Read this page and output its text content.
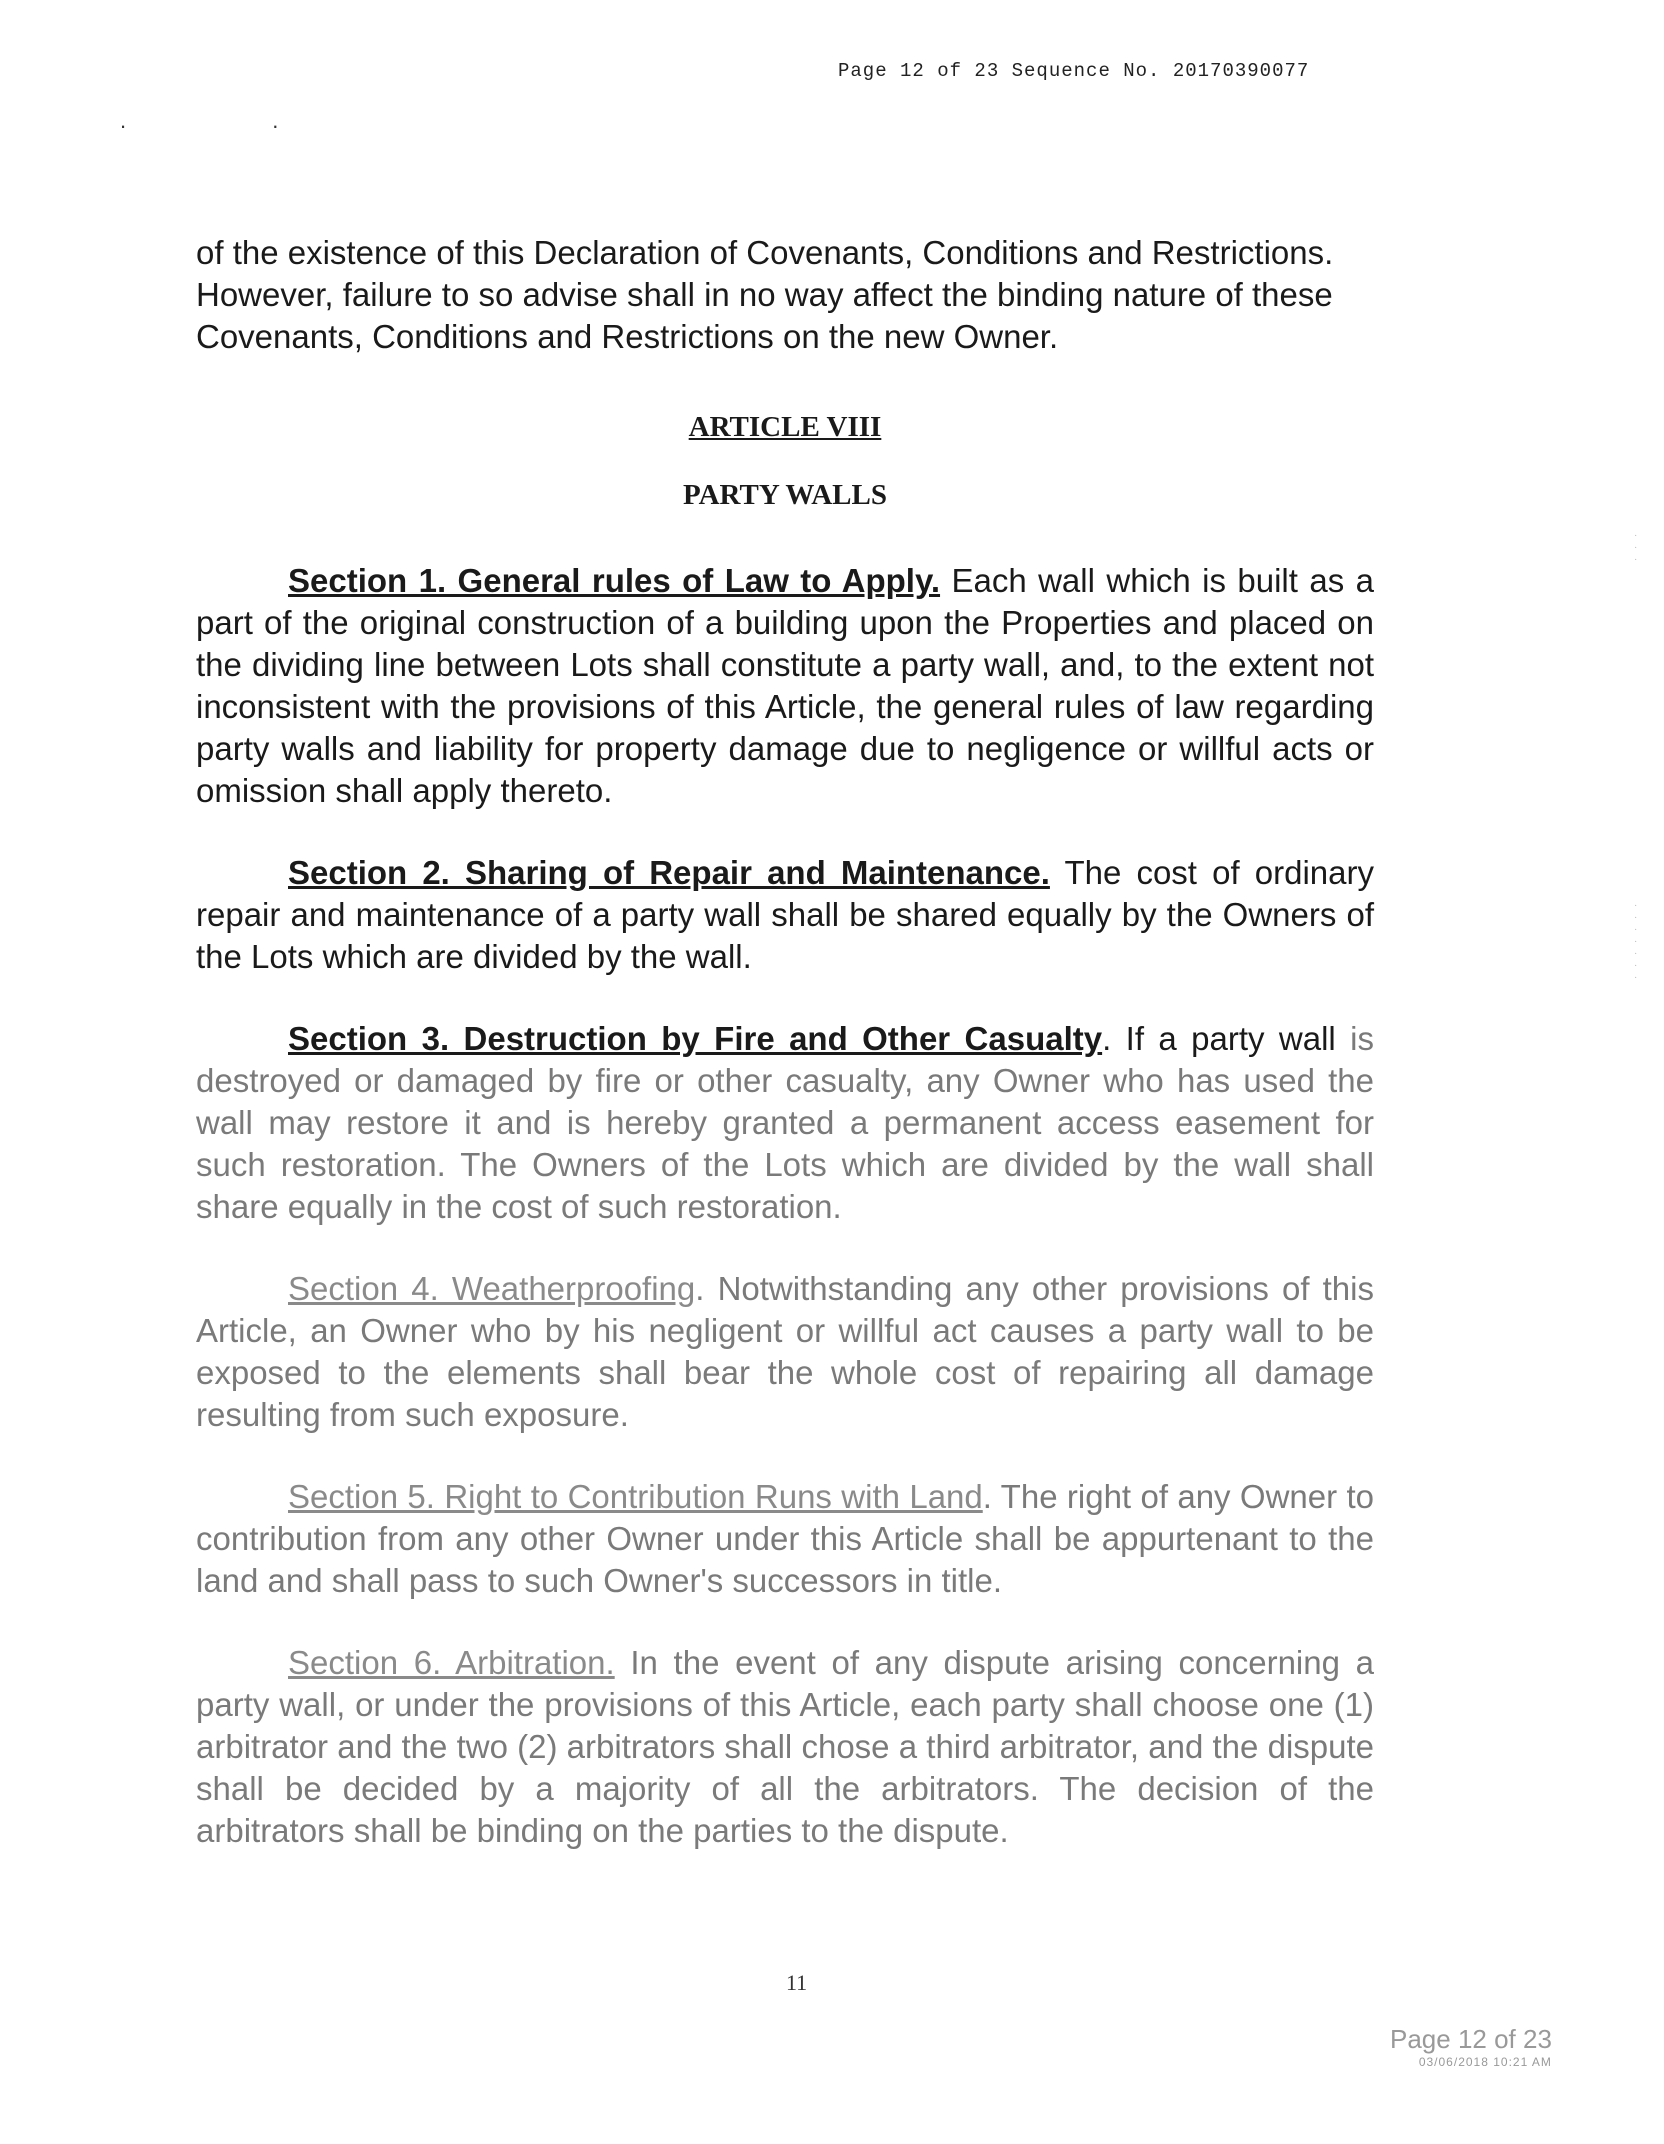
Page 12 of 23 Sequence No. 20170390077
. .
·
·
·
·
·
·
·
·
·
·

of the existence of this Declaration of Covenants, Conditions and Restrictions. However, failure to so advise shall in no way affect the binding nature of these Covenants, Conditions and Restrictions on the new Owner.

ARTICLE VIII
PARTY WALLS

Section 1. General rules of Law to Apply. Each wall which is built as a part of the original construction of a building upon the Properties and placed on the dividing line between Lots shall constitute a party wall, and, to the extent not inconsistent with the provisions of this Article, the general rules of law regarding party walls and liability for property damage due to negligence or willful acts or omission shall apply thereto.

Section 2. Sharing of Repair and Maintenance. The cost of ordinary repair and maintenance of a party wall shall be shared equally by the Owners of the Lots which are divided by the wall.

Section 3. Destruction by Fire and Other Casualty. If a party wall is destroyed or damaged by fire or other casualty, any Owner who has used the wall may restore it and is hereby granted a permanent access easement for such restoration. The Owners of the Lots which are divided by the wall shall share equally in the cost of such restoration.

Section 4. Weatherproofing. Notwithstanding any other provisions of this Article, an Owner who by his negligent or willful act causes a party wall to be exposed to the elements shall bear the whole cost of repairing all damage resulting from such exposure.

Section 5. Right to Contribution Runs with Land. The right of any Owner to contribution from any other Owner under this Article shall be appurtenant to the land and shall pass to such Owner's successors in title.

Section 6. Arbitration. In the event of any dispute arising concerning a party wall, or under the provisions of this Article, each party shall choose one (1) arbitrator and the two (2) arbitrators shall chose a third arbitrator, and the dispute shall be decided by a majority of all the arbitrators. The decision of the arbitrators shall be binding on the parties to the dispute.

11
Page 12 of 23
03/06/2018 10:21 AM
